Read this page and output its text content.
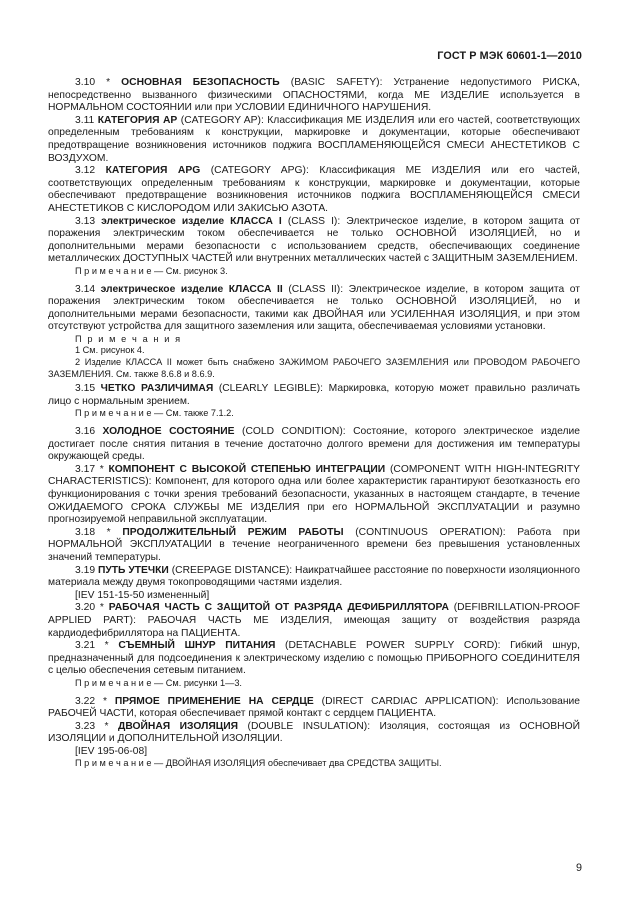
ГОСТ Р МЭК 60601-1—2010

3.10 * ОСНОВНАЯ БЕЗОПАСНОСТЬ (BASIC SAFETY): Устранение недопустимого РИСКА, непосредственно вызванного физическими ОПАСНОСТЯМИ, когда МЕ ИЗДЕЛИЕ используется в НОРМАЛЬНОМ СОСТОЯНИИ или при УСЛОВИИ ЕДИНИЧНОГО НАРУШЕНИЯ.

3.11 КАТЕГОРИЯ АР (CATEGORY AP): Классификация МЕ ИЗДЕЛИЯ или его частей, соответствующих определенным требованиям к конструкции, маркировке и документации, которые обеспечивают предотвращение возникновения источников поджига ВОСПЛАМЕНЯЮЩЕЙСЯ СМЕСИ АНЕСТЕТИКОВ С ВОЗДУХОМ.

3.12 КАТЕГОРИЯ APG (CATEGORY APG): Классификация МЕ ИЗДЕЛИЯ или его частей, соответствующих определенным требованиям к конструкции, маркировке и документации, которые обеспечивают предотвращение возникновения источников поджига ВОСПЛАМЕНЯЮЩЕЙСЯ СМЕСИ АНЕСТЕТИКОВ С КИСЛОРОДОМ ИЛИ ЗАКИСЬЮ АЗОТА.

3.13 электрическое изделие КЛАССА I (CLASS I): Электрическое изделие, в котором защита от поражения электрическим током обеспечивается не только ОСНОВНОЙ ИЗОЛЯЦИЕЙ, но и дополнительными мерами безопасности с использованием средств, обеспечивающих соединение металлических ДОСТУПНЫХ ЧАСТЕЙ или внутренних металлических частей с ЗАЩИТНЫМ ЗАЗЕМЛЕНИЕМ.

П р и м е ч а н и е — См. рисунок 3.

3.14 электрическое изделие КЛАССА II (CLASS II): Электрическое изделие, в котором защита от поражения электрическим током обеспечивается не только ОСНОВНОЙ ИЗОЛЯЦИЕЙ, но и дополнительными мерами безопасности, такими как ДВОЙНАЯ или УСИЛЕННАЯ ИЗОЛЯЦИЯ, и при этом отсутствуют устройства для защитного заземления или защита, обеспечиваемая условиями установки.

П р и м е ч а н и я

1 См. рисунок 4.

2 Изделие КЛАССА II может быть снабжено ЗАЖИМОМ РАБОЧЕГО ЗАЗЕМЛЕНИЯ или ПРОВОДОМ РАБОЧЕГО ЗАЗЕМЛЕНИЯ. См. также 8.6.8 и 8.6.9.

3.15 ЧЕТКО РАЗЛИЧИМАЯ (CLEARLY LEGIBLE): Маркировка, которую может правильно различать лицо с нормальным зрением.

П р и м е ч а н и е — См. также 7.1.2.

3.16 ХОЛОДНОЕ СОСТОЯНИЕ (COLD CONDITION): Состояние, которого электрическое изделие достигает после снятия питания в течение достаточно долгого времени для достижения им температуры окружающей среды.

3.17 * КОМПОНЕНТ С ВЫСОКОЙ СТЕПЕНЬЮ ИНТЕГРАЦИИ (COMPONENT WITH HIGH-INTEGRITY CHARACTERISTICS): Компонент, для которого одна или более характеристик гарантируют безотказность его функционирования с точки зрения требований безопасности, указанных в настоящем стандарте, в течение ОЖИДАЕМОГО СРОКА СЛУЖБЫ МЕ ИЗДЕЛИЯ при его НОРМАЛЬНОЙ ЭКСПЛУАТАЦИИ и разумно прогнозируемой неправильной эксплуатации.

3.18 * ПРОДОЛЖИТЕЛЬНЫЙ РЕЖИМ РАБОТЫ (CONTINUOUS OPERATION): Работа при НОРМАЛЬНОЙ ЭКСПЛУАТАЦИИ в течение неограниченного времени без превышения установленных значений температуры.

3.19 ПУТЬ УТЕЧКИ (CREEPAGE DISTANCE): Наикратчайшее расстояние по поверхности изоляционного материала между двумя токопроводящими частями изделия.

[IEV 151-15-50 измененный]

3.20 * РАБОЧАЯ ЧАСТЬ С ЗАЩИТОЙ ОТ РАЗРЯДА ДЕФИБРИЛЛЯТОРА (DEFIBRILLATION-PROOF APPLIED PART): РАБОЧАЯ ЧАСТЬ МЕ ИЗДЕЛИЯ, имеющая защиту от воздействия разряда кардиодефибриллятора на ПАЦИЕНТА.

3.21 * СЪЕМНЫЙ ШНУР ПИТАНИЯ (DETACHABLE POWER SUPPLY CORD): Гибкий шнур, предназначенный для подсоединения к электрическому изделию с помощью ПРИБОРНОГО СОЕДИНИТЕЛЯ с целью обеспечения сетевым питанием.

П р и м е ч а н и е — См. рисунки 1—3.

3.22 * ПРЯМОЕ ПРИМЕНЕНИЕ НА СЕРДЦЕ (DIRECT CARDIAC APPLICATION): Использование РАБОЧЕЙ ЧАСТИ, которая обеспечивает прямой контакт с сердцем ПАЦИЕНТА.

3.23 * ДВОЙНАЯ ИЗОЛЯЦИЯ (DOUBLE INSULATION): Изоляция, состоящая из ОСНОВНОЙ ИЗОЛЯЦИИ и ДОПОЛНИТЕЛЬНОЙ ИЗОЛЯЦИИ.

[IEV 195-06-08]

П р и м е ч а н и е — ДВОЙНАЯ ИЗОЛЯЦИЯ обеспечивает два СРЕДСТВА ЗАЩИТЫ.

9
